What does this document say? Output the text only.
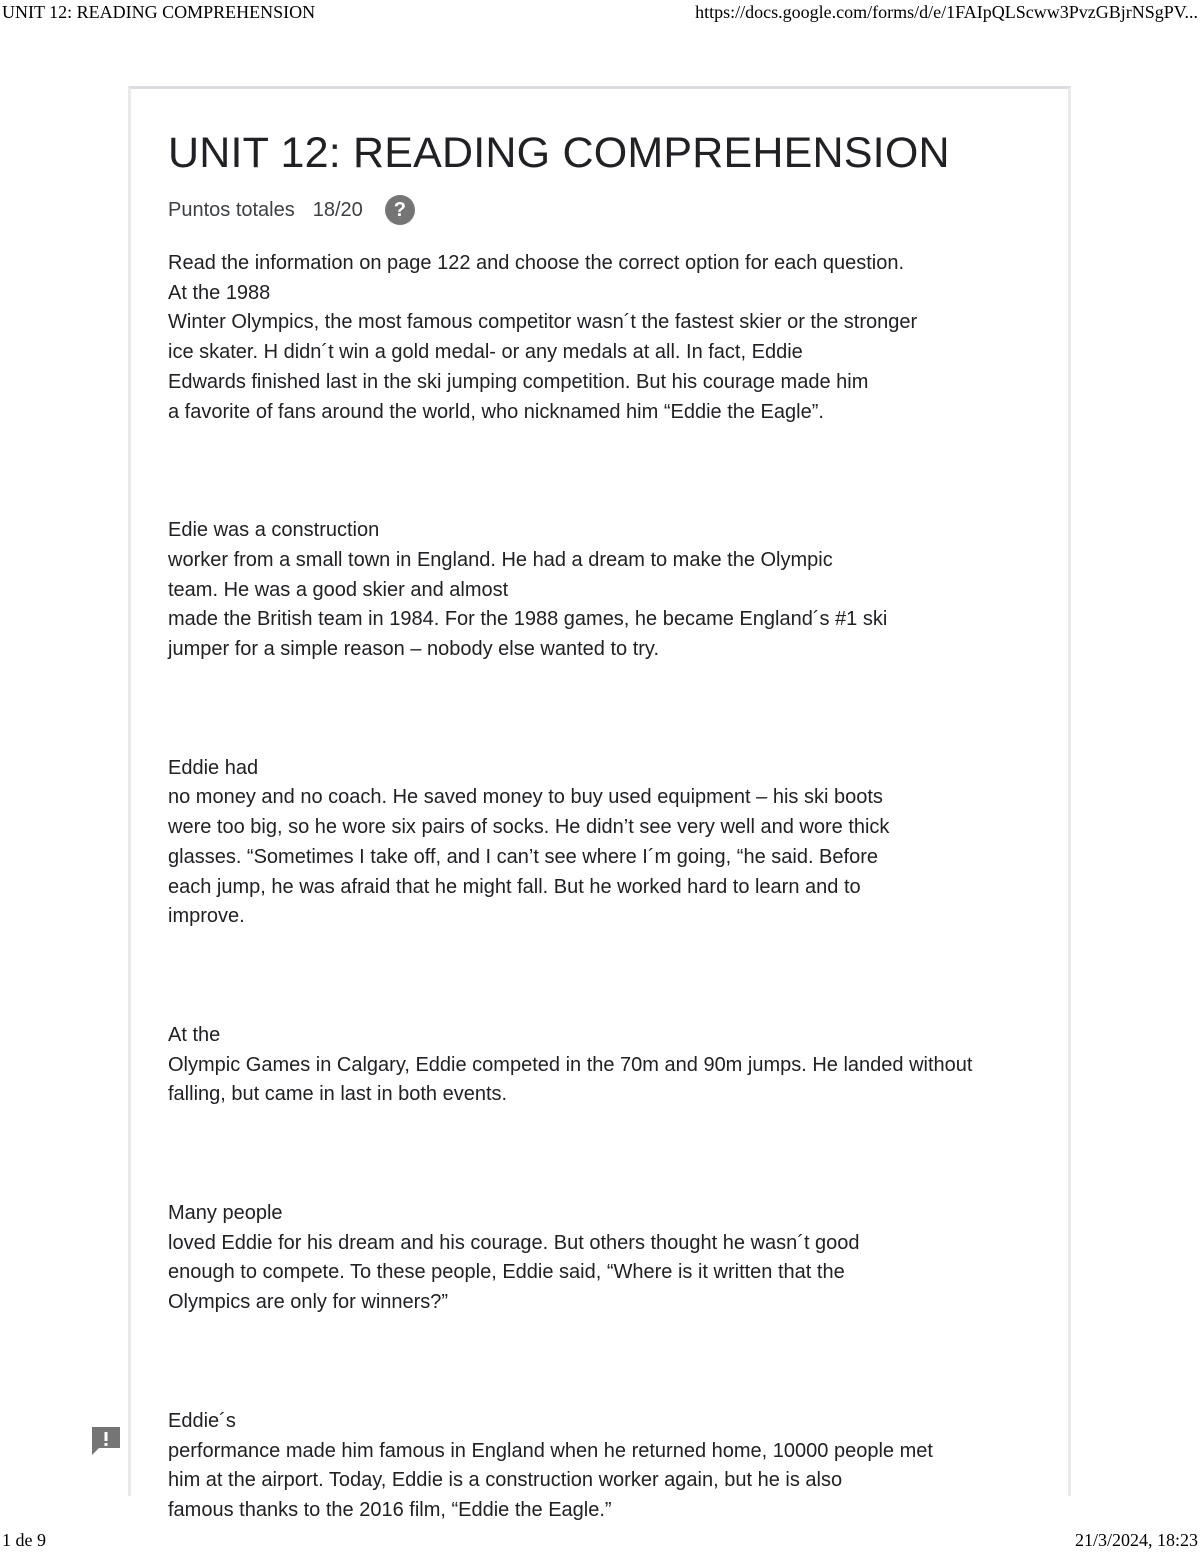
UNIT 12: READING COMPREHENSION	https://docs.google.com/forms/d/e/1FAIpQLScww3PvzGBjrNSgPV...
UNIT 12: READING COMPREHENSION
Puntos totales 18/20	?

Read the information on page 122 and choose the correct option for each question.
At the 1988
Winter Olympics, the most famous competitor wasn´t the fastest skier or the stronger
ice skater. H didn´t win a gold medal- or any medals at all. In fact, Eddie
Edwards finished last in the ski jumping competition. But his courage made him
a favorite of fans around the world, who nicknamed him “Eddie the Eagle”.

Edie was a construction
worker from a small town in England. He had a dream to make the Olympic
team. He was a good skier and almost
made the British team in 1984. For the 1988 games, he became England´s #1 ski
jumper for a simple reason – nobody else wanted to try.

Eddie had
no money and no coach. He saved money to buy used equipment – his ski boots
were too big, so he wore six pairs of socks. He didn’t see very well and wore thick
glasses. “Sometimes I take off, and I can’t see where I´m going, “he said. Before
each jump, he was afraid that he might fall. But he worked hard to learn and to
improve.

At the
Olympic Games in Calgary, Eddie competed in the 70m and 90m jumps. He landed without
falling, but came in last in both events.

Many people
loved Eddie for his dream and his courage. But others thought he wasn´t good
enough to compete. To these people, Eddie said, “Where is it written that the
Olympics are only for winners?”

Eddie´s
performance made him famous in England when he returned home, 10000 people met
him at the airport. Today, Eddie is a construction worker again, but he is also
famous thanks to the 2016 film, “Eddie the Eagle.”

1 de 9	21/3/2024, 18:23
